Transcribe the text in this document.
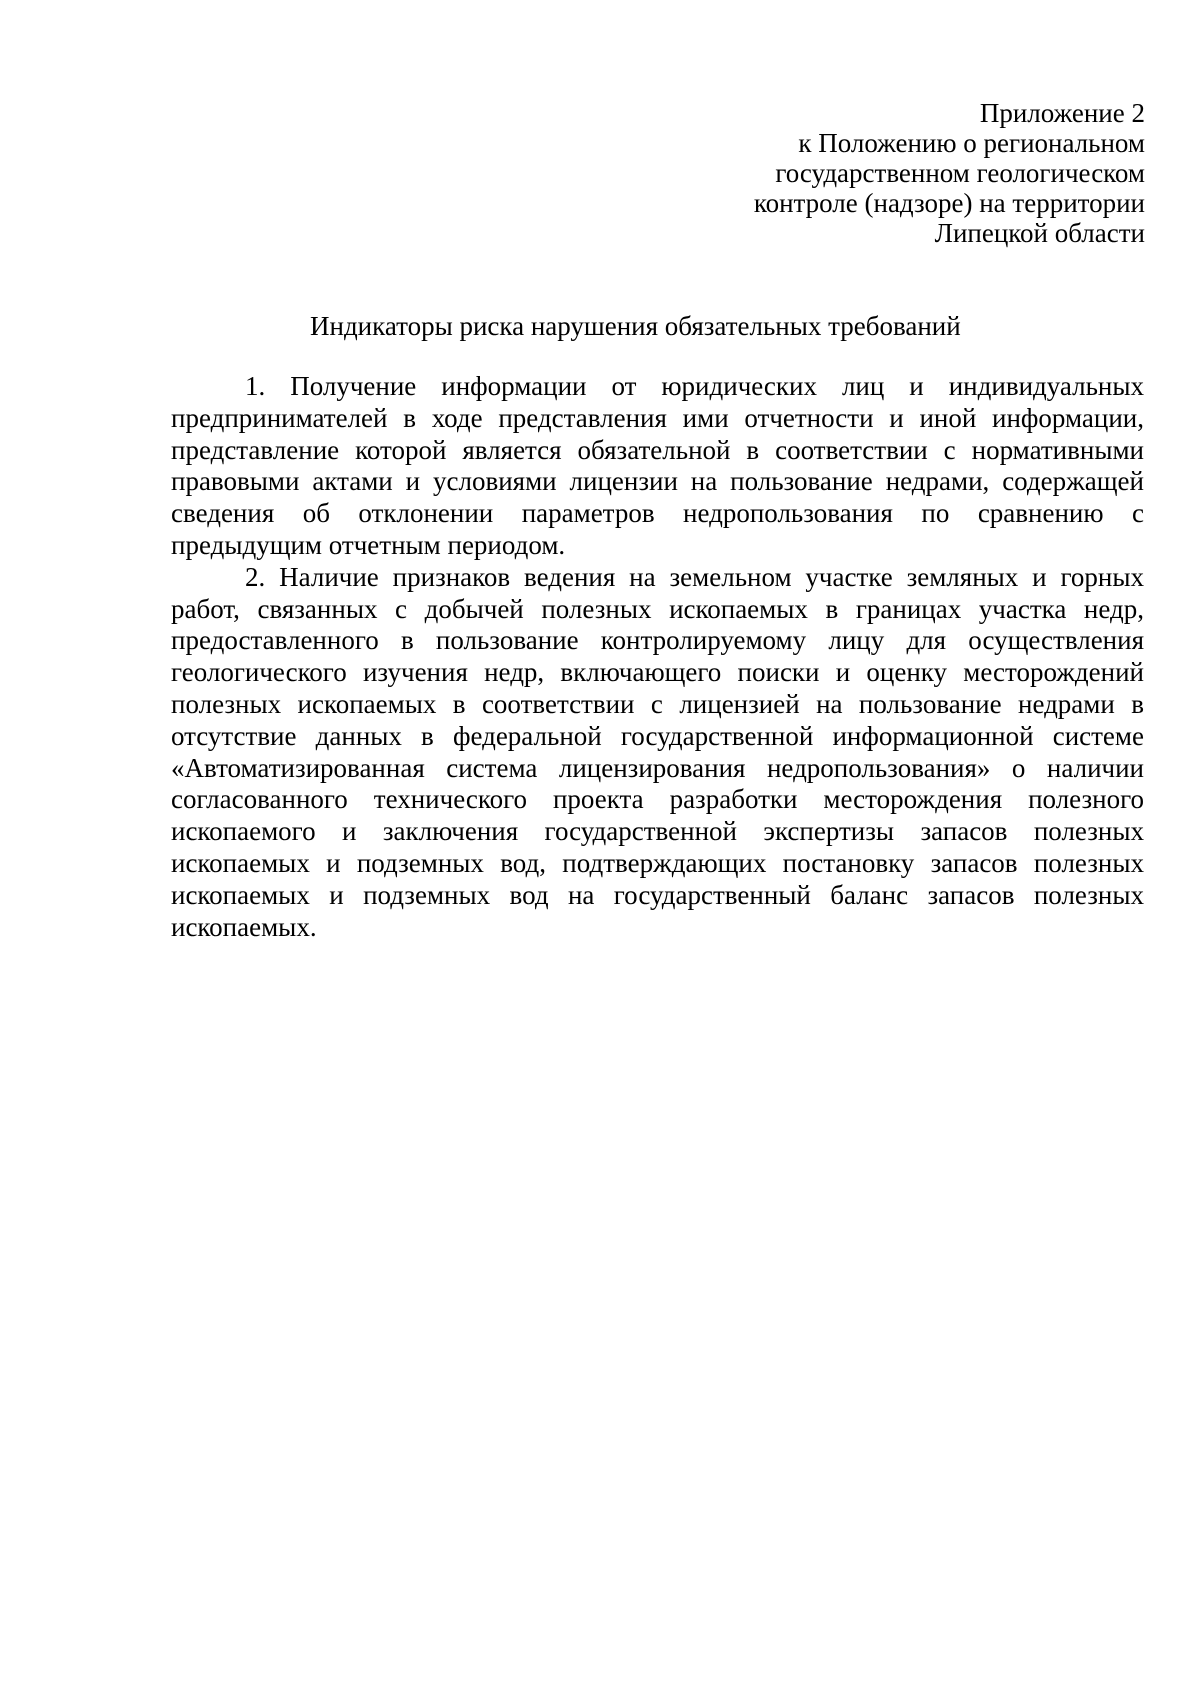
Приложение 2
к Положению о региональном
государственном геологическом
контроле (надзоре) на территории
Липецкой области
Индикаторы риска нарушения обязательных требований

1. Получение информации от юридических лиц и индивидуальных предпринимателей в ходе представления ими отчетности и иной информации, представление которой является обязательной в соответствии с нормативными правовыми актами и условиями лицензии на пользование недрами, содержащей сведения об отклонении параметров недропользования по сравнению с предыдущим отчетным периодом.

2. Наличие признаков ведения на земельном участке земляных и горных работ, связанных с добычей полезных ископаемых в границах участка недр, предоставленного в пользование контролируемому лицу для осуществления геологического изучения недр, включающего поиски и оценку месторождений полезных ископаемых в соответствии с лицензией на пользование недрами в отсутствие данных в федеральной государственной информационной системе «Автоматизированная система лицензирования недропользования» о наличии согласованного технического проекта разработки месторождения полезного ископаемого и заключения государственной экспертизы запасов полезных ископаемых и подземных вод, подтверждающих постановку запасов полезных ископаемых и подземных вод на государственный баланс запасов полезных ископаемых.
